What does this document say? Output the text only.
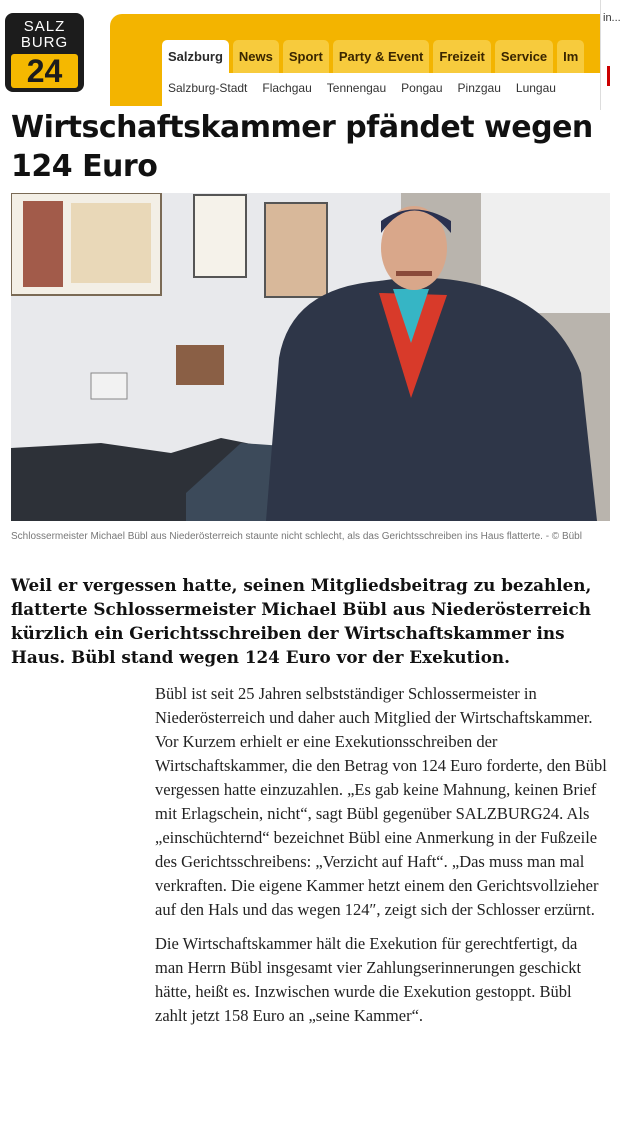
SALZ
BURG
24	Salzburg News Sport Party & Event Freizeit Service Im
Salzburg-Stadt Flachgau Tennengau Pongau Pinzgau Lungau
in...
Wirtschaftskammer pfändet wegen 124 Euro
Schlossermeister Michael Bübl aus Niederösterreich staunte nicht schlecht, als das Gerichtsschreiben ins Haus flatterte. - © Bübl

Weil er vergessen hatte, seinen Mitgliedsbeitrag zu bezahlen, flatterte Schlossermeister Michael Bübl aus Niederösterreich kürzlich ein Gerichtsschreiben der Wirtschaftskammer ins Haus. Bübl stand wegen 124 Euro vor der Exekution.

Bübl ist seit 25 Jahren selbstständiger Schlossermeister in Niederösterreich und daher auch Mitglied der Wirtschaftskammer. Vor Kurzem erhielt er eine Exekutionsschreiben der Wirtschaftskammer, die den Betrag von 124 Euro forderte, den Bübl vergessen hatte einzuzahlen. „Es gab keine Mahnung, keinen Brief mit Erlagschein, nicht“, sagt Bübl gegenüber SALZBURG24. Als „einschüchternd“ bezeichnet Bübl eine Anmerkung in der Fußzeile des Gerichtsschreibens: „Verzicht auf Haft“. „Das muss man mal verkraften. Die eigene Kammer hetzt einem den Gerichtsvollzieher auf den Hals und das wegen 124″, zeigt sich der Schlosser erzürnt.

Die Wirtschaftskammer hält die Exekution für gerechtfertigt, da man Herrn Bübl insgesamt vier Zahlungserinnerungen geschickt hätte, heißt es. Inzwischen wurde die Exekution gestoppt. Bübl zahlt jetzt 158 Euro an „seine Kammer“.
